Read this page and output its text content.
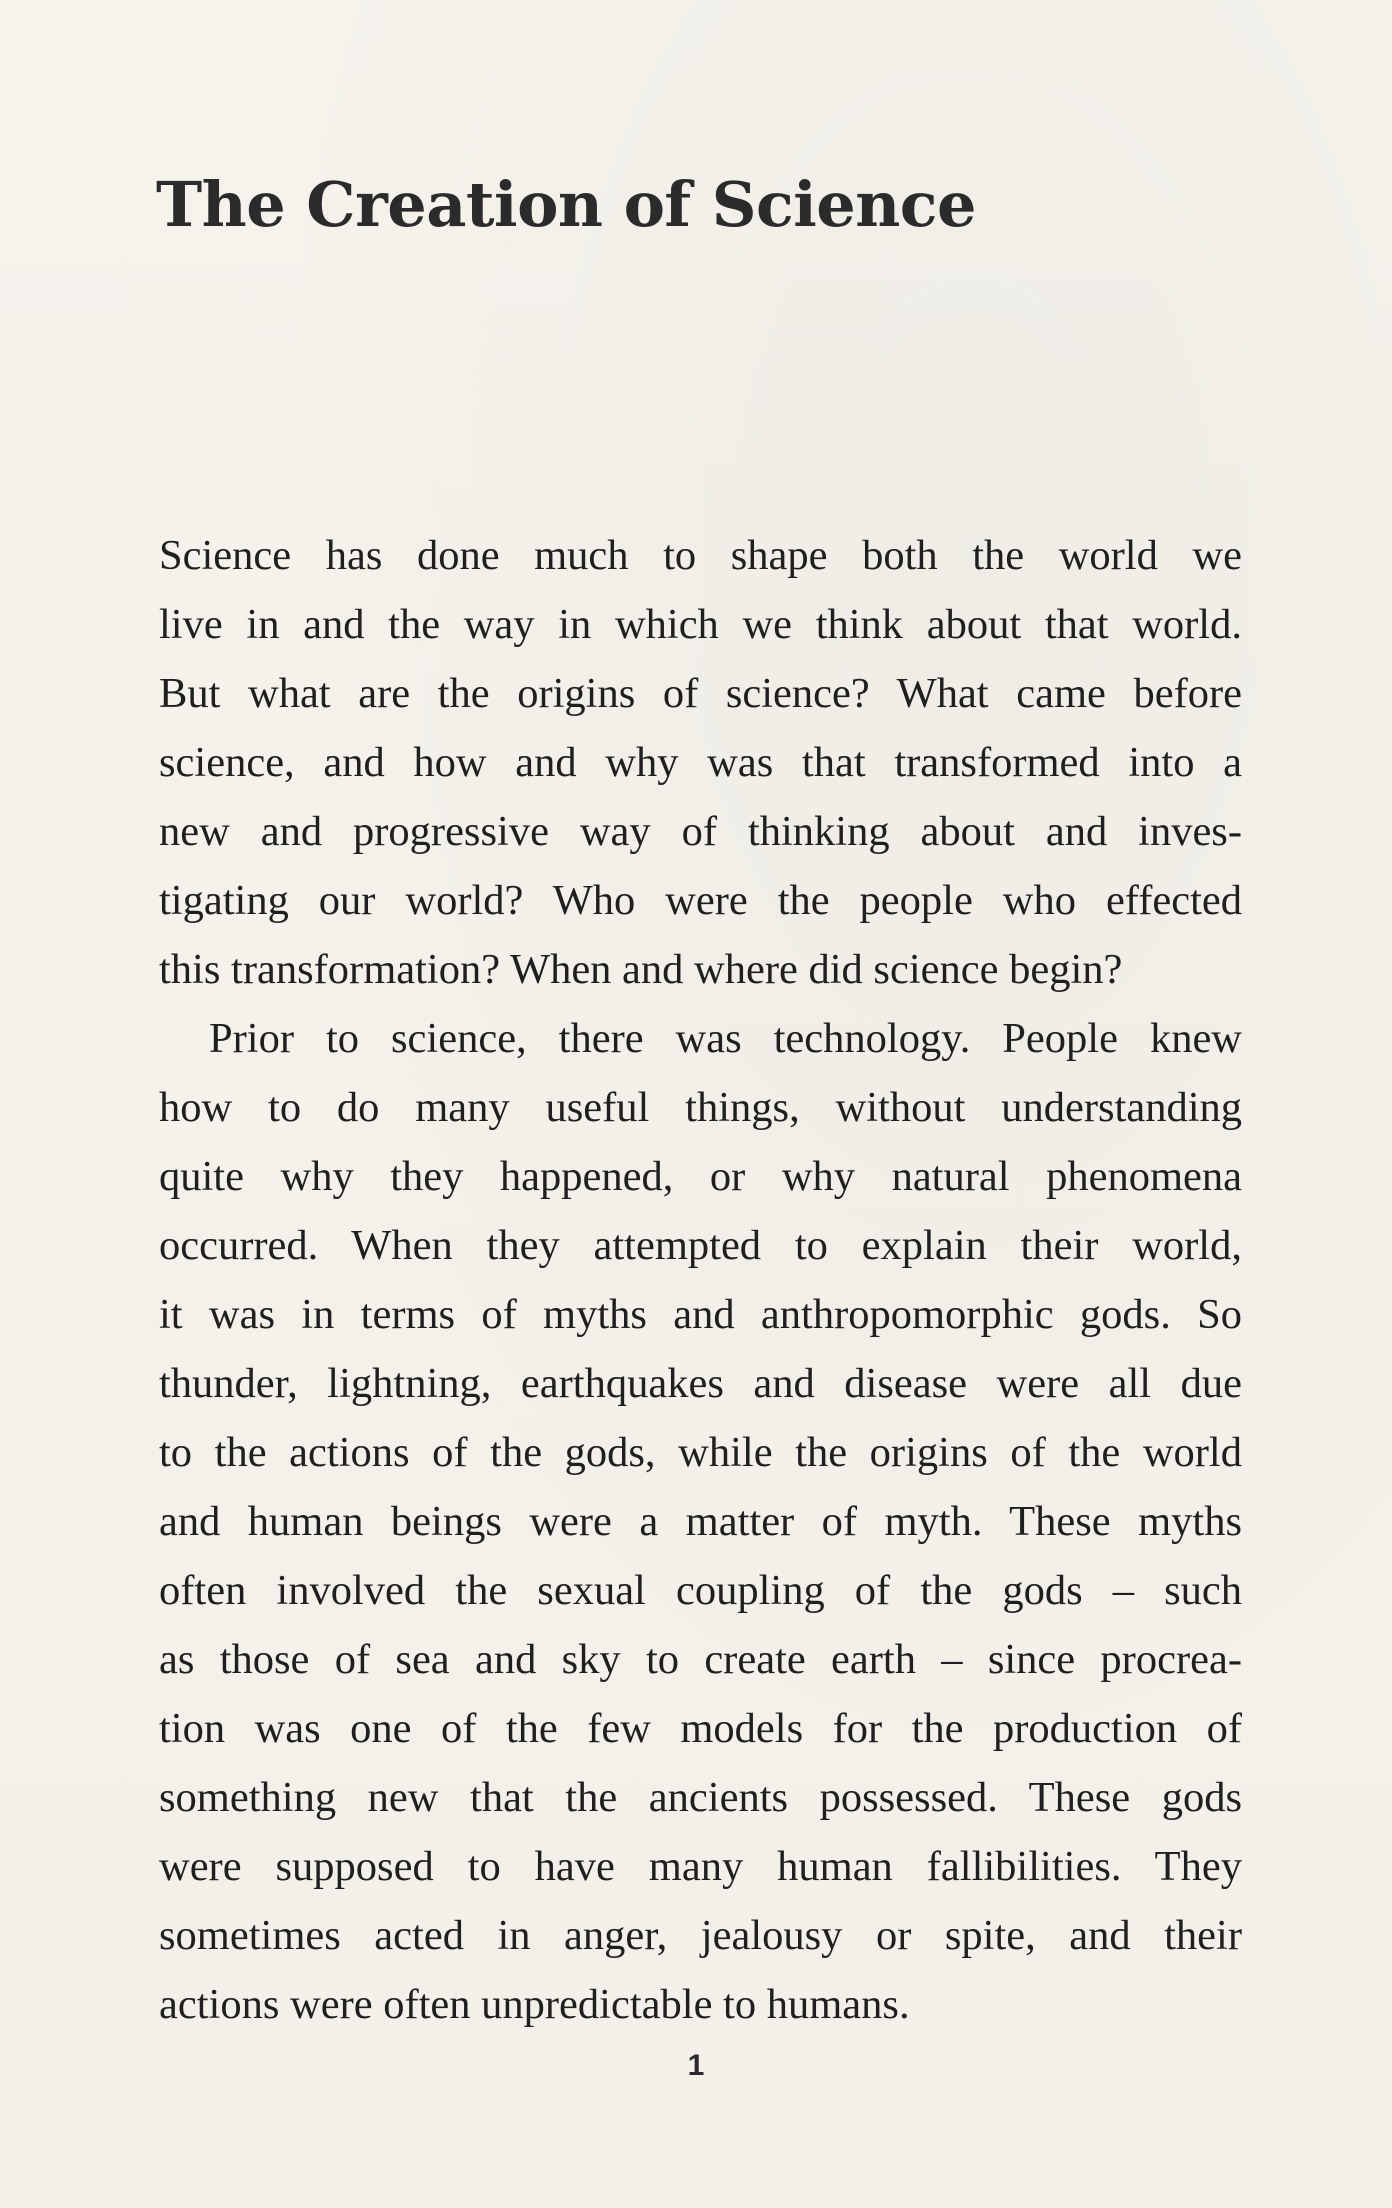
The Creation of Science

Science has done much to shape both the world we
live in and the way in which we think about that world.
But what are the origins of science? What came before
science, and how and why was that transformed into a
new and progressive way of thinking about and inves-
tigating our world? Who were the people who effected
this transformation? When and where did science begin?

Prior to science, there was technology. People knew
how to do many useful things, without understanding
quite why they happened, or why natural phenomena
occurred. When they attempted to explain their world,
it was in terms of myths and anthropomorphic gods. So
thunder, lightning, earthquakes and disease were all due
to the actions of the gods, while the origins of the world
and human beings were a matter of myth. These myths
often involved the sexual coupling of the gods – such
as those of sea and sky to create earth – since procrea-
tion was one of the few models for the production of
something new that the ancients possessed. These gods
were supposed to have many human fallibilities. They
sometimes acted in anger, jealousy or spite, and their
actions were often unpredictable to humans.

1
